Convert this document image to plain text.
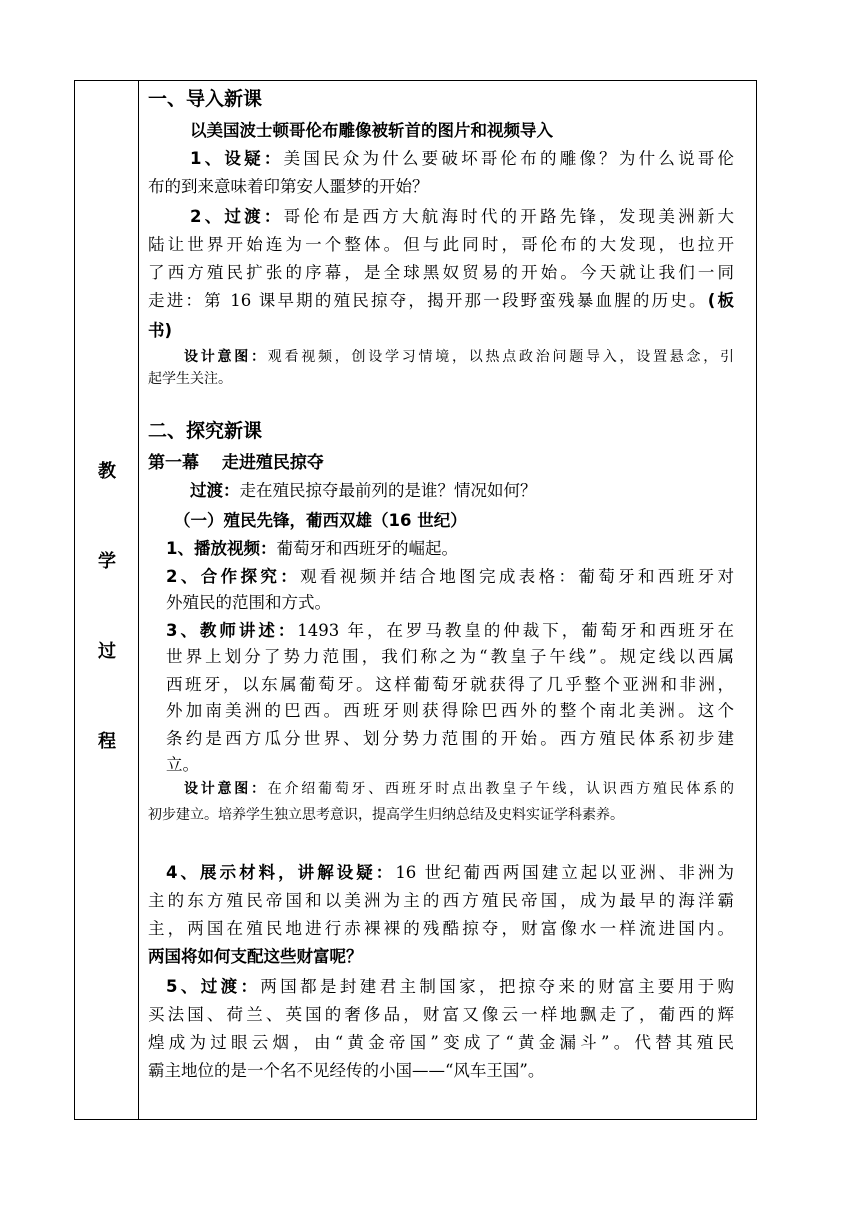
教
学
过
程
一、导入新课
以美国波士顿哥伦布雕像被斩首的图片和视频导入
1、设疑：美国民众为什么要破坏哥伦布的雕像？为什么说哥伦
布的到来意味着印第安人噩梦的开始？
2、过渡：哥伦布是西方大航海时代的开路先锋，发现美洲新大
陆让世界开始连为一个整体。但与此同时，哥伦布的大发现，也拉开
了西方殖民扩张的序幕，是全球黑奴贸易的开始。今天就让我们一同
走进：第 16 课早期的殖民掠夺，揭开那一段野蛮残暴血腥的历史。(板
书)
设计意图：观看视频，创设学习情境，以热点政治问题导入，设置悬念，引
起学生关注。
二、探究新课
第一幕　 走进殖民掠夺
过渡：走在殖民掠夺最前列的是谁？情况如何？
（一）殖民先锋，葡西双雄（16 世纪）
1、播放视频：葡萄牙和西班牙的崛起。
2、合作探究：观看视频并结合地图完成表格：葡萄牙和西班牙对
外殖民的范围和方式。
3、教师讲述：1493 年，在罗马教皇的仲裁下，葡萄牙和西班牙在
世界上划分了势力范围，我们称之为“教皇子午线”。规定线以西属
西班牙，以东属葡萄牙。这样葡萄牙就获得了几乎整个亚洲和非洲，
外加南美洲的巴西。西班牙则获得除巴西外的整个南北美洲。这个
条约是西方瓜分世界、划分势力范围的开始。西方殖民体系初步建
立。
设计意图：在介绍葡萄牙、西班牙时点出教皇子午线，认识西方殖民体系的
初步建立。培养学生独立思考意识，提高学生归纳总结及史料实证学科素养。
4、展示材料，讲解设疑：16 世纪葡西两国建立起以亚洲、非洲为
主的东方殖民帝国和以美洲为主的西方殖民帝国，成为最早的海洋霸
主，两国在殖民地进行赤裸裸的残酷掠夺，财富像水一样流进国内。
两国将如何支配这些财富呢？
5、过渡：两国都是封建君主制国家，把掠夺来的财富主要用于购
买法国、荷兰、英国的奢侈品，财富又像云一样地飘走了，葡西的辉
煌成为过眼云烟，由“黄金帝国”变成了“黄金漏斗”。代替其殖民
霸主地位的是一个名不见经传的小国——“风车王国”。
